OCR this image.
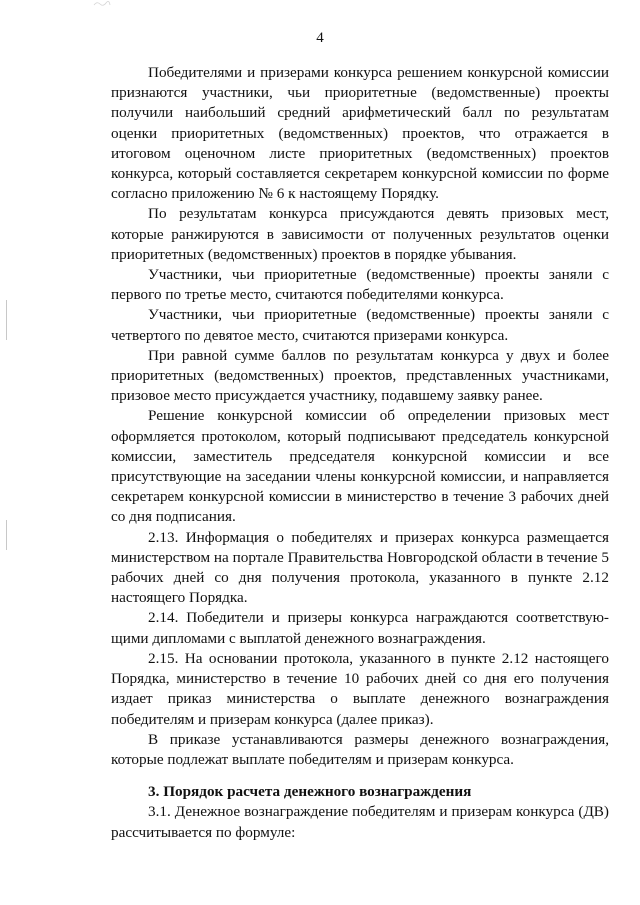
4

Победителями и призерами конкурса решением конкурсной комиссии признаются участники, чьи приоритетные (ведомственные) проекты получили наибольший средний арифметический балл по результатам оценки приоритетных (ведомственных) проектов, что отражается в итоговом оценочном листе приоритетных (ведомственных) проектов конкурса, который составляется секретарем конкурсной комиссии по форме согласно приложению № 6 к настоящему Порядку.

По результатам конкурса присуждаются девять призовых мест, которые ранжируются в зависимости от полученных результатов оценки приоритетных (ведомственных) проектов в порядке убывания.

Участники, чьи приоритетные (ведомственные) проекты заняли с первого по третье место, считаются победителями конкурса.

Участники, чьи приоритетные (ведомственные) проекты заняли с четвертого по девятое место, считаются призерами конкурса.

При равной сумме баллов по результатам конкурса у двух и более приоритетных (ведомственных) проектов, представленных участниками, призовое место присуждается участнику, подавшему заявку ранее.

Решение конкурсной комиссии об определении призовых мест оформляется протоколом, который подписывают председатель конкурсной комиссии, заместитель председателя конкурсной комиссии и все присутствующие на заседании члены конкурсной комиссии, и направляется секретарем конкурсной комиссии в министерство в течение 3 рабочих дней со дня подписания.

2.13. Информация о победителях и призерах конкурса размещается министерством на портале Правительства Новгородской области в течение 5 рабочих дней со дня получения протокола, указанного в пункте 2.12 настоящего Порядка.

2.14. Победители и призеры конкурса награждаются соответствую-щими дипломами с выплатой денежного вознаграждения.

2.15. На основании протокола, указанного в пункте 2.12 настоящего Порядка, министерство в течение 10 рабочих дней со дня его получения издает приказ министерства о выплате денежного вознаграждения победителям и призерам конкурса (далее приказ).

В приказе устанавливаются размеры денежного вознаграждения, которые подлежат выплате победителям и призерам конкурса.

3. Порядок расчета денежного вознаграждения

3.1. Денежное вознаграждение победителям и призерам конкурса (ДВ) рассчитывается по формуле:
